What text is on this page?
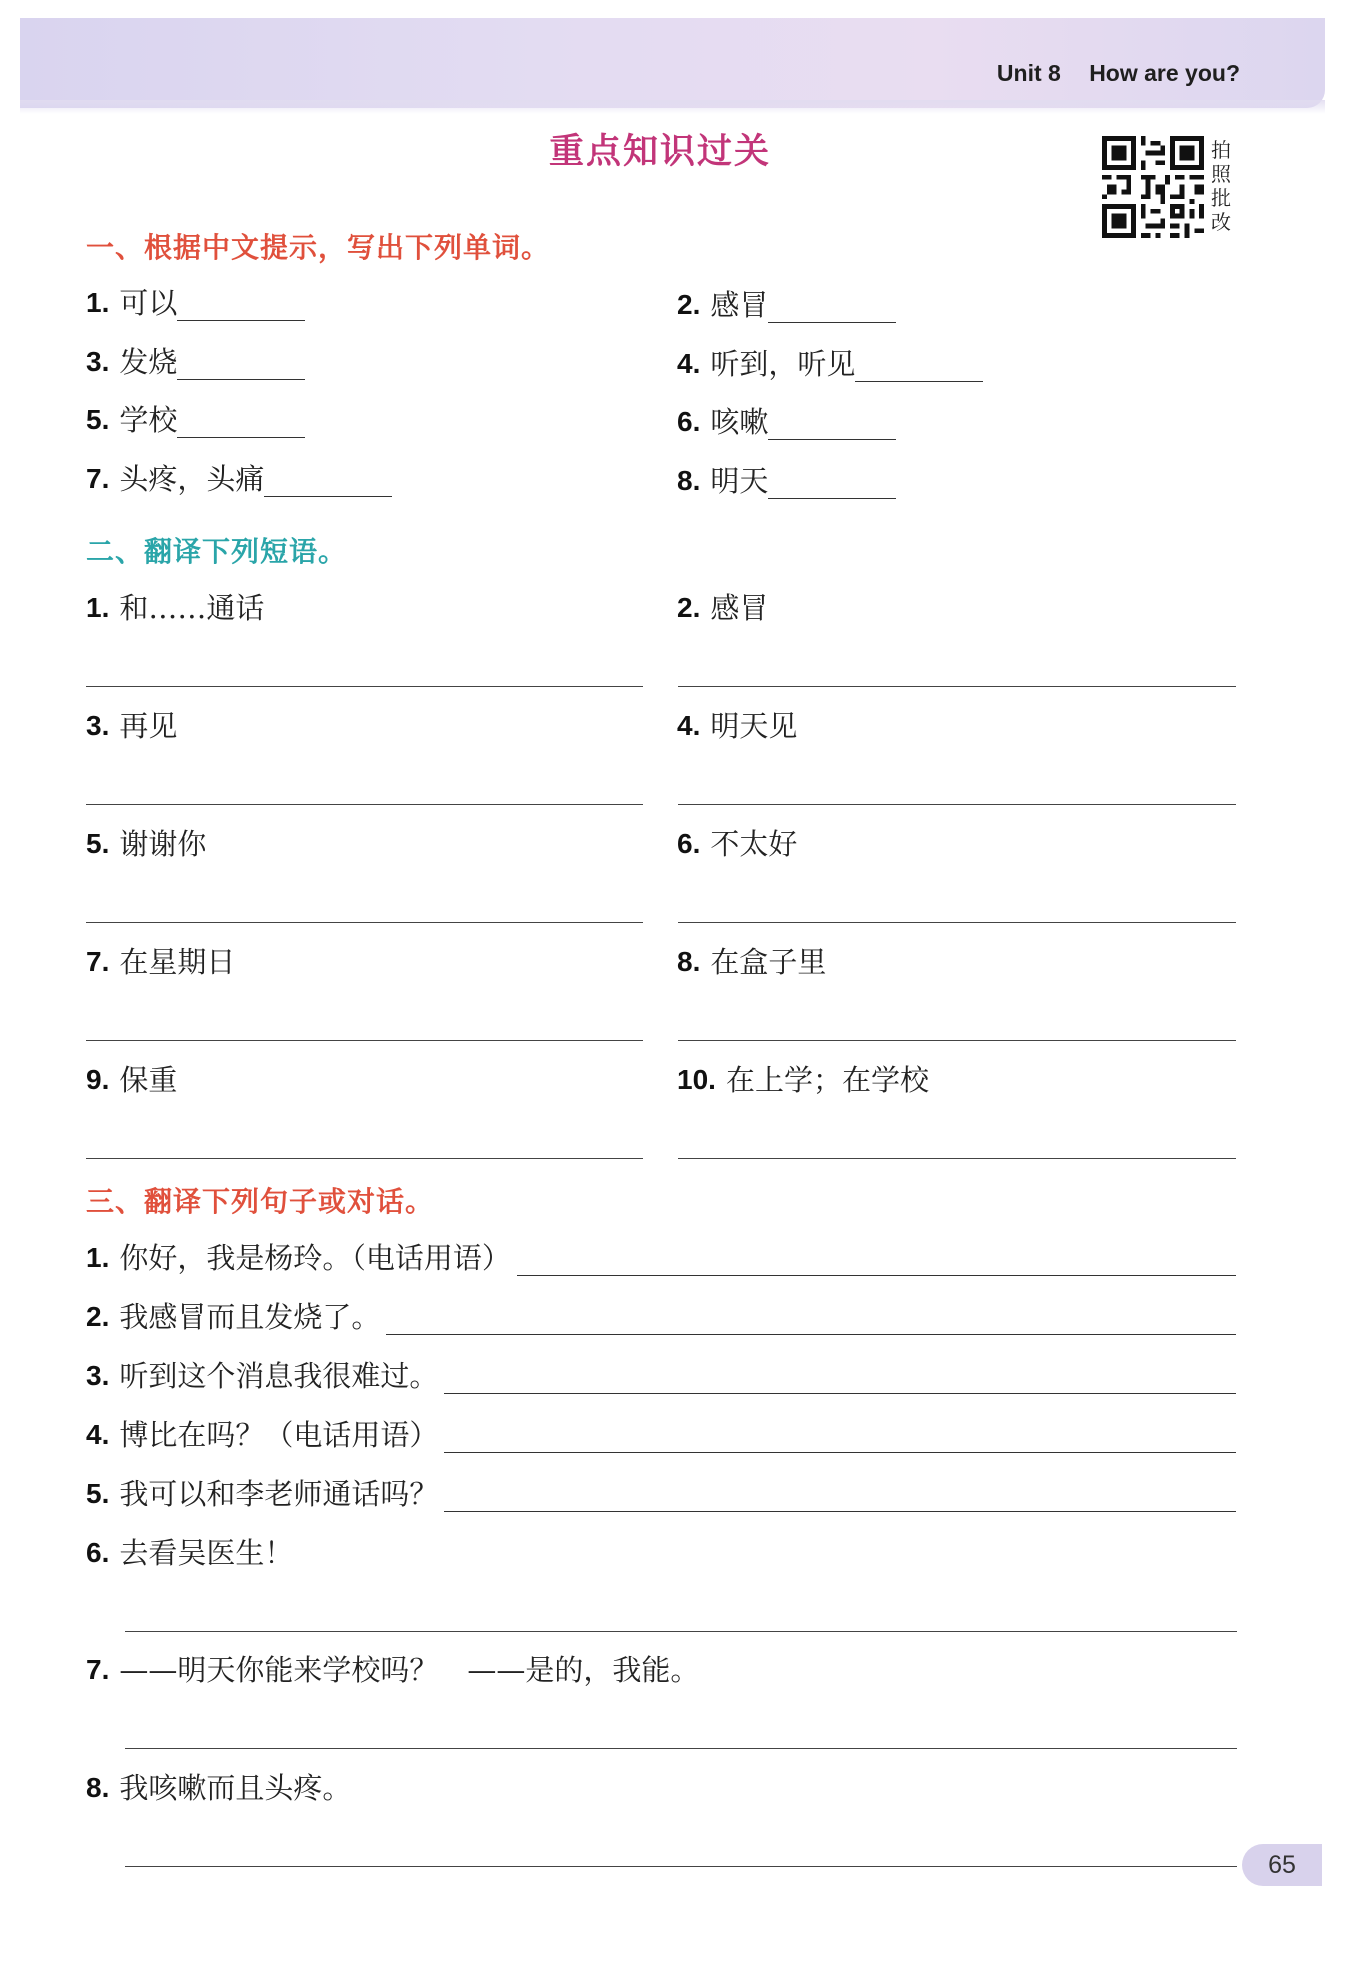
Unit 8 How are you?
重点知识过关	拍照批改
一、根据中文提示，写出下列单词。
1. 可以	2. 感冒
3. 发烧	4. 听到，听见
5. 学校	6. 咳嗽
7. 头疼，头痛	8. 明天
二、翻译下列短语。
1. 和……通话	2. 感冒
3. 再见	4. 明天见
5. 谢谢你	6. 不太好
7. 在星期日	8. 在盒子里
9. 保重	10. 在上学；在学校
三、翻译下列句子或对话。
1. 你好，我是杨玲。（电话用语）
2. 我感冒而且发烧了。
3. 听到这个消息我很难过。
4. 博比在吗？（电话用语）
5. 我可以和李老师通话吗？
6. 去看吴医生！
7. ——明天你能来学校吗？　——是的，我能。
8. 我咳嗽而且头疼。
65
